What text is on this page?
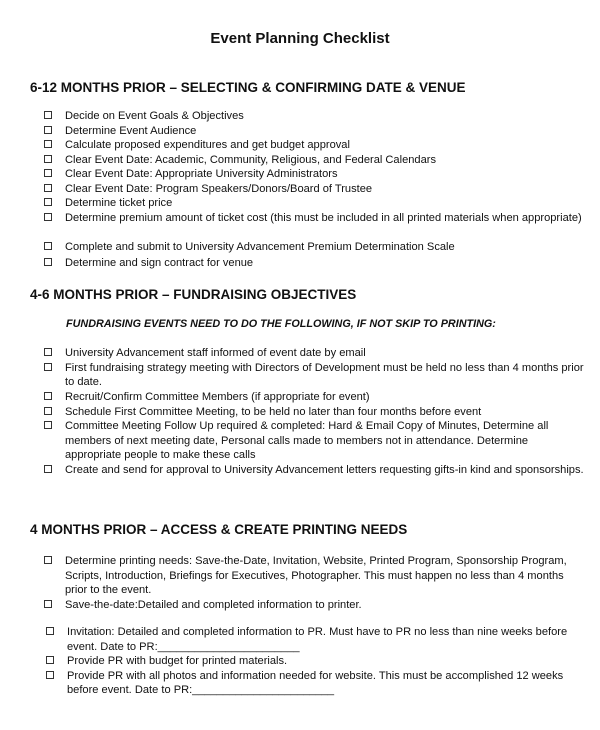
Event Planning Checklist
6-12 MONTHS PRIOR – SELECTING & CONFIRMING DATE & VENUE
Decide on Event Goals & Objectives
Determine Event Audience
Calculate proposed expenditures and get budget approval
Clear Event Date: Academic, Community, Religious, and Federal Calendars
Clear Event Date: Appropriate University Administrators
Clear Event Date: Program Speakers/Donors/Board of Trustee
Determine ticket price
Determine premium amount of ticket cost (this must be included in all printed materials when appropriate)
Complete and submit to University Advancement Premium Determination Scale
Determine and sign contract for venue
4-6 MONTHS PRIOR – FUNDRAISING OBJECTIVES
FUNDRAISING EVENTS NEED TO DO THE FOLLOWING, IF NOT SKIP TO PRINTING:
University Advancement staff informed of event date by email
First fundraising strategy meeting with Directors of Development must be held no less than 4 months prior to date.
Recruit/Confirm Committee Members (if appropriate for event)
Schedule First Committee Meeting, to be held no later than four months before event
Committee Meeting Follow Up required & completed: Hard & Email Copy of Minutes, Determine all members of next meeting date, Personal calls made to members not in attendance. Determine appropriate people to make these calls
Create and send for approval to University Advancement letters requesting gifts-in kind and sponsorships.
4 MONTHS PRIOR – ACCESS & CREATE PRINTING NEEDS
Determine printing needs: Save-the-Date, Invitation, Website, Printed Program, Sponsorship Program, Scripts, Introduction, Briefings for Executives, Photographer. This must happen no less than 4 months prior to the event.
Save-the-date:Detailed and completed information to printer.
Invitation: Detailed and completed information to PR. Must have to PR no less than nine weeks before event. Date to PR:_______________________
Provide PR with budget for printed materials.
Provide PR with all photos and information needed for website. This must be accomplished 12 weeks before event. Date to PR:_______________________
